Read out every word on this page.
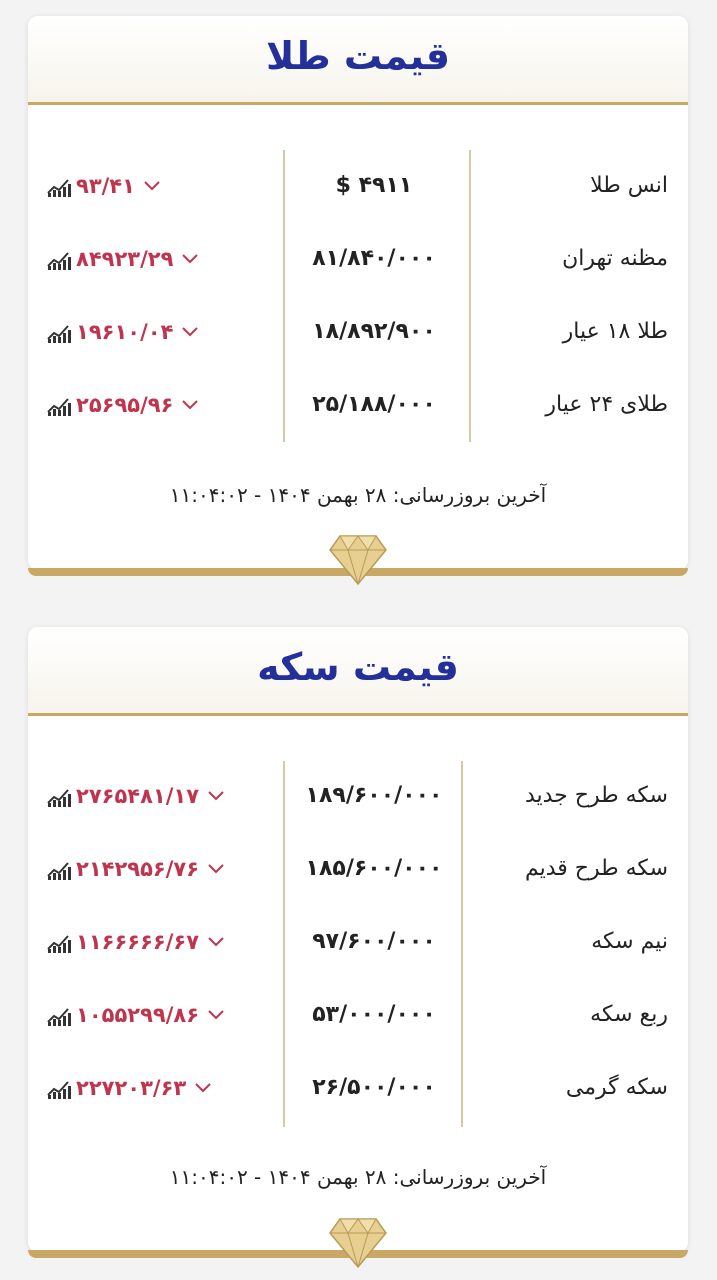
قیمت طلا
انس طلا
$ ۴۹۱۱
۹۳/۴۱
مظنه تهران
۸۱/۸۴۰/۰۰۰
۸۴۹۲۳/۲۹
طلا ۱۸ عیار
۱۸/۸۹۲/۹۰۰
۱۹۶۱۰/۰۴
طلای ۲۴ عیار
۲۵/۱۸۸/۰۰۰
۲۵۶۹۵/۹۶
آخرین بروزرسانی: ۲۸ بهمن ۱۴۰۴ - ۱۱:۰۴:۰۲
قیمت سکه
سکه طرح جدید
۱۸۹/۶۰۰/۰۰۰
۲۷۶۵۴۸۱/۱۷
سکه طرح قدیم
۱۸۵/۶۰۰/۰۰۰
۲۱۴۲۹۵۶/۷۶
نیم سکه
۹۷/۶۰۰/۰۰۰
۱۱۶۶۶۶۶/۶۷
ربع سکه
۵۳/۰۰۰/۰۰۰
۱۰۵۵۲۹۹/۸۶
سکه گرمی
۲۶/۵۰۰/۰۰۰
۲۲۷۲۰۳/۶۳
آخرین بروزرسانی: ۲۸ بهمن ۱۴۰۴ - ۱۱:۰۴:۰۲
